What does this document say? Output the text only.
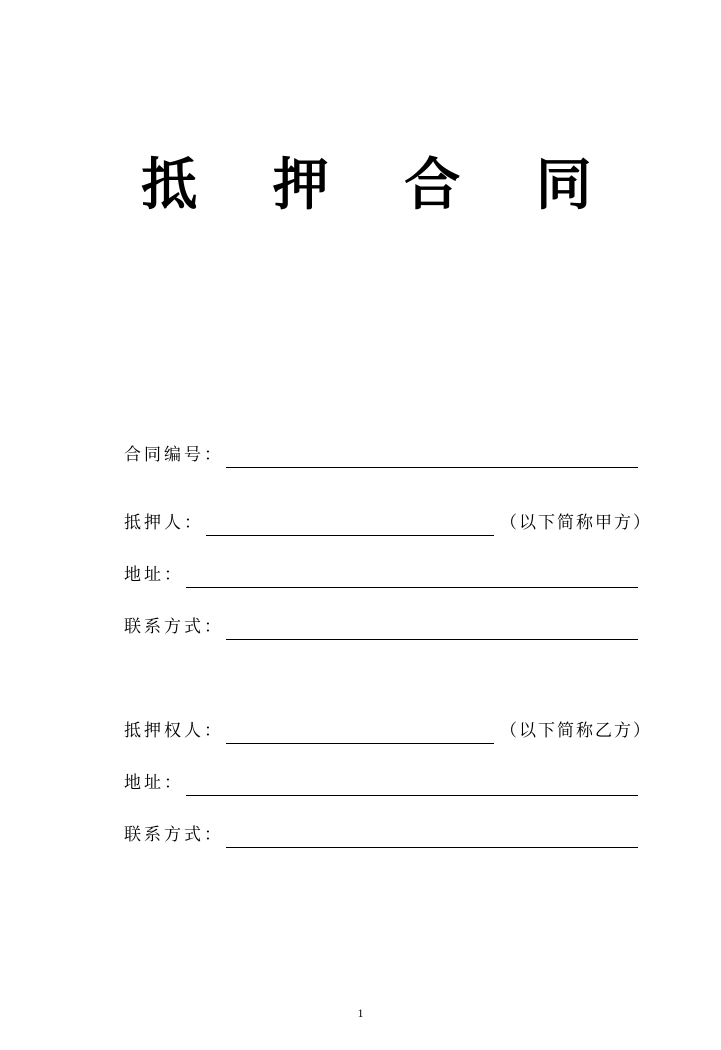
抵 押 合 同
合同编号：
抵押人：	（以下简称甲方）
地址：
联系方式：
抵押权人：	（以下简称乙方）
地址：
联系方式：
1
